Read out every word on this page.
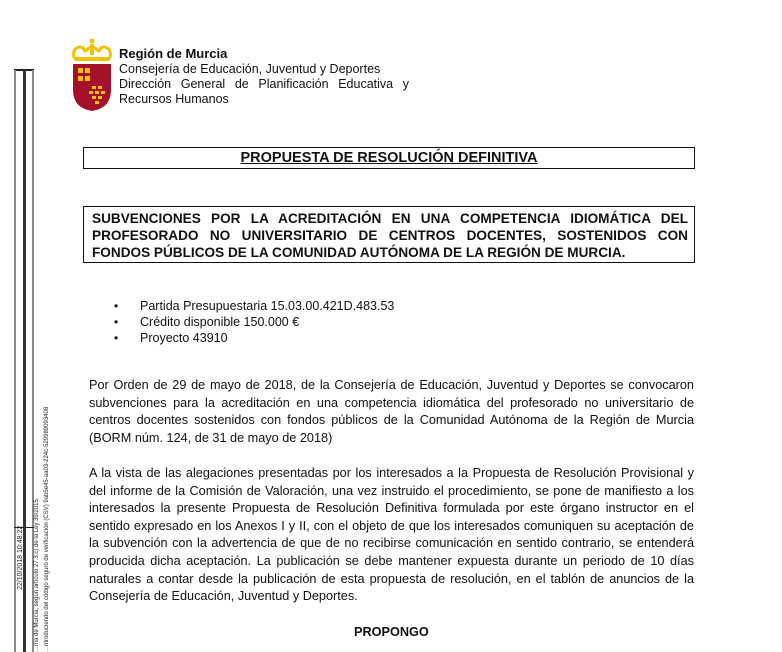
22/10/2018 10:48:22 …ma de Murcia, según artículo 27.3.c) de la Ley 39/2015. …ntroduciendo del código seguro de verificación (CSV) 9ab5e45-aa03-224c-529989093408
Región de Murcia
Consejería de Educación, Juventud y Deportes
Dirección General de Planificación Educativa y
Recursos Humanos
PROPUESTA DE RESOLUCIÓN DEFINITIVA
SUBVENCIONES POR LA ACREDITACIÓN EN UNA COMPETENCIA IDIOMÁTICA DEL PROFESORADO NO UNIVERSITARIO DE CENTROS DOCENTES, SOSTENIDOS CON FONDOS PÚBLICOS DE LA COMUNIDAD AUTÓNOMA DE LA REGIÓN DE MURCIA.
• Partida Presupuestaria 15.03.00.421D.483.53
• Crédito disponible 150.000 €
• Proyecto 43910

Por Orden de 29 de mayo de 2018, de la Consejería de Educación, Juventud y Deportes se convocaron subvenciones para la acreditación en una competencia idiomática del profesorado no universitario de centros docentes sostenidos con fondos públicos de la Comunidad Autónoma de la Región de Murcia (BORM núm. 124, de 31 de mayo de 2018)

A la vista de las alegaciones presentadas por los interesados a la Propuesta de Resolución Provisional y del informe de la Comisión de Valoración, una vez instruido el procedimiento, se pone de manifiesto a los interesados la presente Propuesta de Resolución Definitiva formulada por este órgano instructor en el sentido expresado en los Anexos I y II, con el objeto de que los interesados comuniquen su aceptación de la subvención con la advertencia de que de no recibirse comunicación en sentido contrario, se entenderá producida dicha aceptación. La publicación se debe mantener expuesta durante un periodo de 10 días naturales a contar desde la publicación de esta propuesta de resolución, en el tablón de anuncios de la Consejería de Educación, Juventud y Deportes.

PROPONGO
